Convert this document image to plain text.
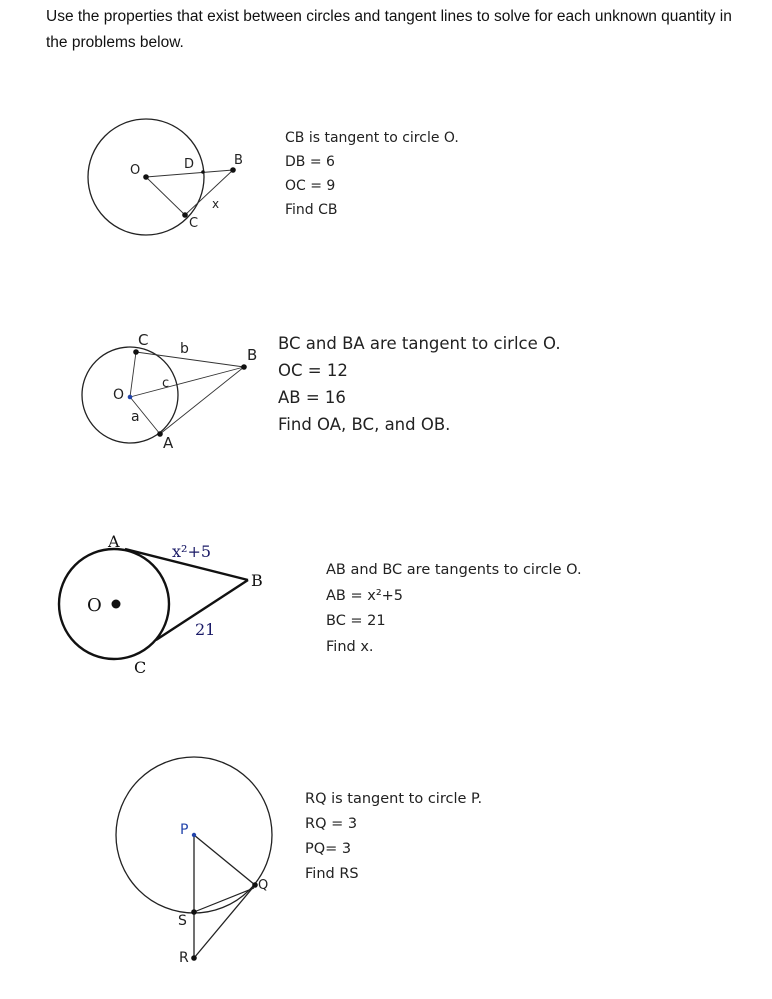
Use the properties that exist between circles and tangent lines to solve for each unknown quantity in the problems below.
O	D	B
C
x
CB is tangent to circle O.
DB = 6
OC = 9
Find CB
C b	B
O
c
a
A
BC and BA are tangent to cirlce O.
OC = 12
AB = 16
Find OA, BC, and OB.
A
x²+5
B
O
21
C
AB and BC are tangents to circle O.
AB = x²+5
BC = 21
Find x.
P
Q
S
R
RQ is tangent to circle P.
RQ = 3
PQ= 3
Find RS
